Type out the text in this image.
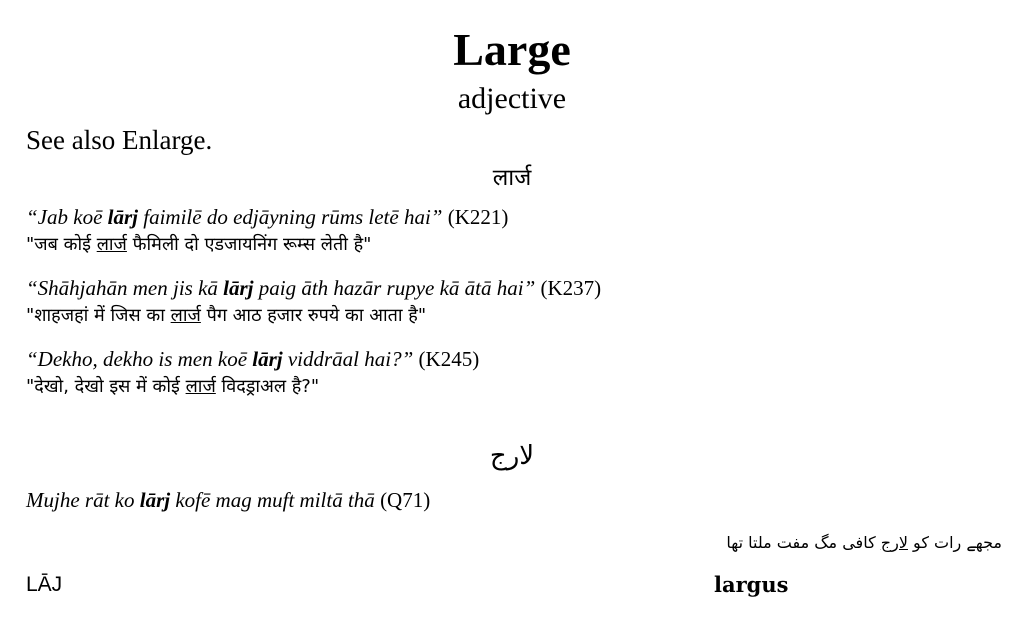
Large
adjective
See also Enlarge.
लार्ज
“Jab koē lārj faimilē do edjāyning rūms letē hai” (K221)
"जब कोई लार्ज फैमिली दो एडजायनिंग रूम्स लेती है"
“Shāhjahān men jis kā lārj paig āth hazār rupye kā ātā hai” (K237)
"शाहजहां में जिस का लार्ज पैग आठ हजार रुपये का आता है"
“Dekho, dekho is men koē lārj viddrāal hai?” (K245)
"देखो, देखो इस में कोई लार्ज विदड्राअल है?"
لارج
Mujhe rāt ko lārj kofē mag muft miltā thā (Q71)
مجھے رات کو لارج کافی مگ مفت ملتا تھا
LĀJ	largus
